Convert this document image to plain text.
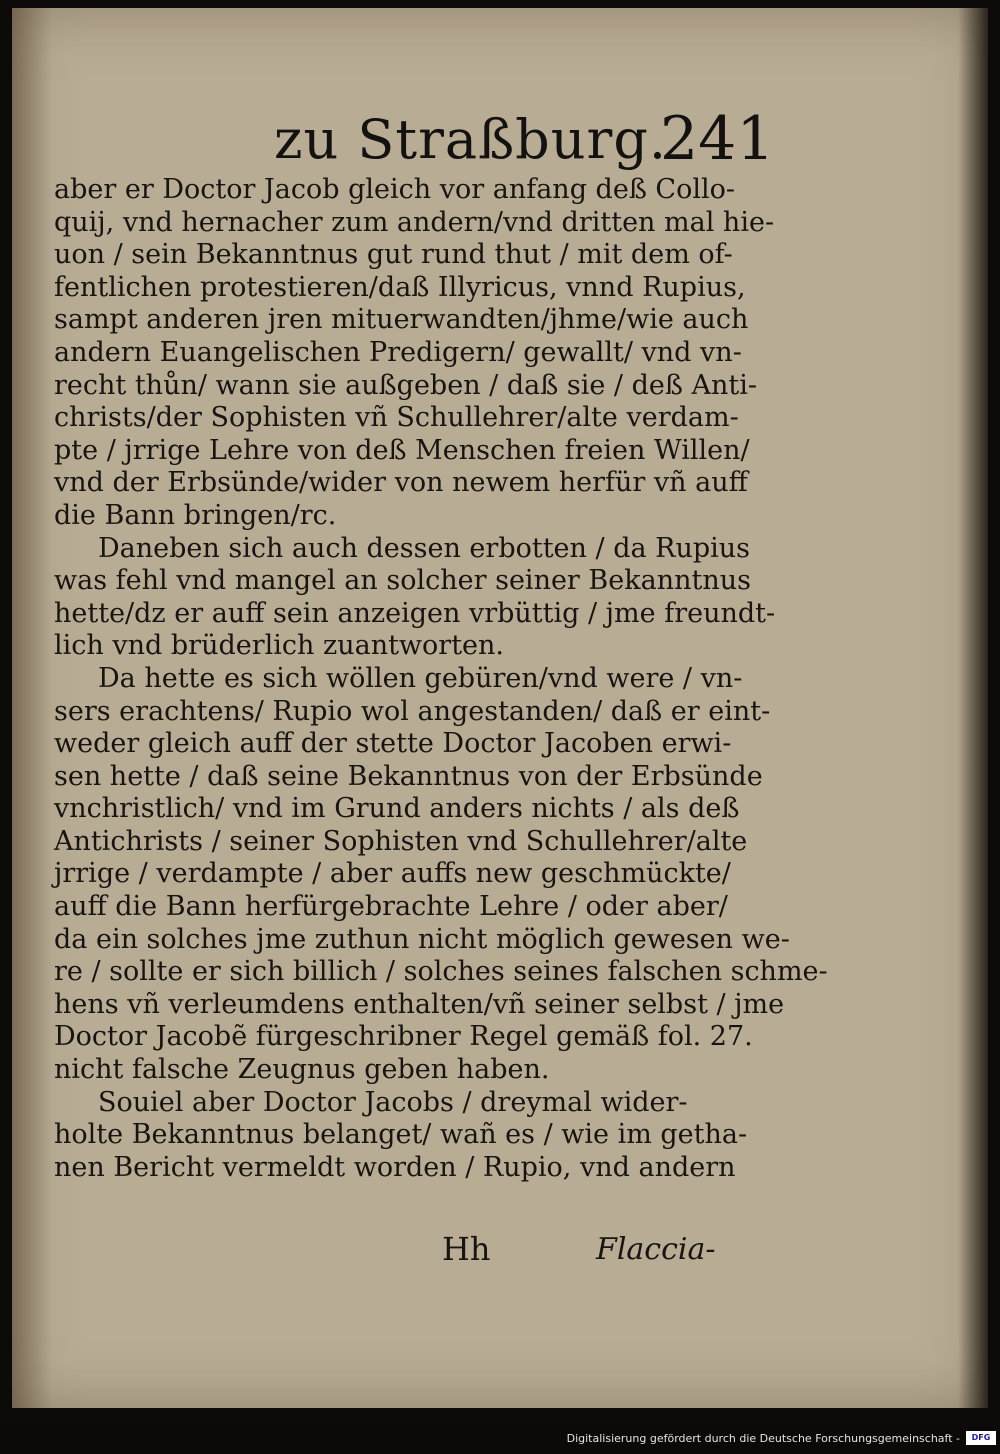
zu Straßburg.
241
aber er Doctor Jacob gleich vor anfang deß Collo-
quij, vnd hernacher zum andern/vnd dritten mal hie-
uon / sein Bekanntnus gut rund thut / mit dem of-
fentlichen protestieren/daß Illyricus, vnnd Rupius,
sampt anderen jren mituerwandten/jhme/wie auch
andern Euangelischen Predigern/ gewallt/ vnd vn-
recht thůn/ wann sie außgeben / daß sie / deß Anti-
christs/der Sophisten vñ Schullehrer/alte verdam-
pte / jrrige Lehre von deß Menschen freien Willen/
vnd der Erbsünde/wider von newem herfür vñ auff
die Bann bringen/rc.
Daneben sich auch dessen erbotten / da Rupius
was fehl vnd mangel an solcher seiner Bekanntnus
hette/dz er auff sein anzeigen vrbüttig / jme freundt-
lich vnd brüderlich zuantworten.
Da hette es sich wöllen gebüren/vnd were / vn-
sers erachtens/ Rupio wol angestanden/ daß er eint-
weder gleich auff der stette Doctor Jacoben erwi-
sen hette / daß seine Bekanntnus von der Erbsünde
vnchristlich/ vnd im Grund anders nichts / als deß
Antichrists / seiner Sophisten vnd Schullehrer/alte
jrrige / verdampte / aber auffs new geschmückte/
auff die Bann herfürgebrachte Lehre / oder aber/
da ein solches jme zuthun nicht möglich gewesen we-
re / sollte er sich billich / solches seines falschen schme-
hens vñ verleumdens enthalten/vñ seiner selbst / jme
Doctor Jacobẽ fürgeschribner Regel gemäß fol. 27.
nicht falsche Zeugnus geben haben.
Souiel aber Doctor Jacobs / dreymal wider-
holte Bekanntnus belanget/ wañ es / wie im getha-
nen Bericht vermeldt worden / Rupio, vnd andern
Hh	Flaccia-
Digitalisierung gefördert durch die Deutsche Forschungsgemeinschaft -	DFG
